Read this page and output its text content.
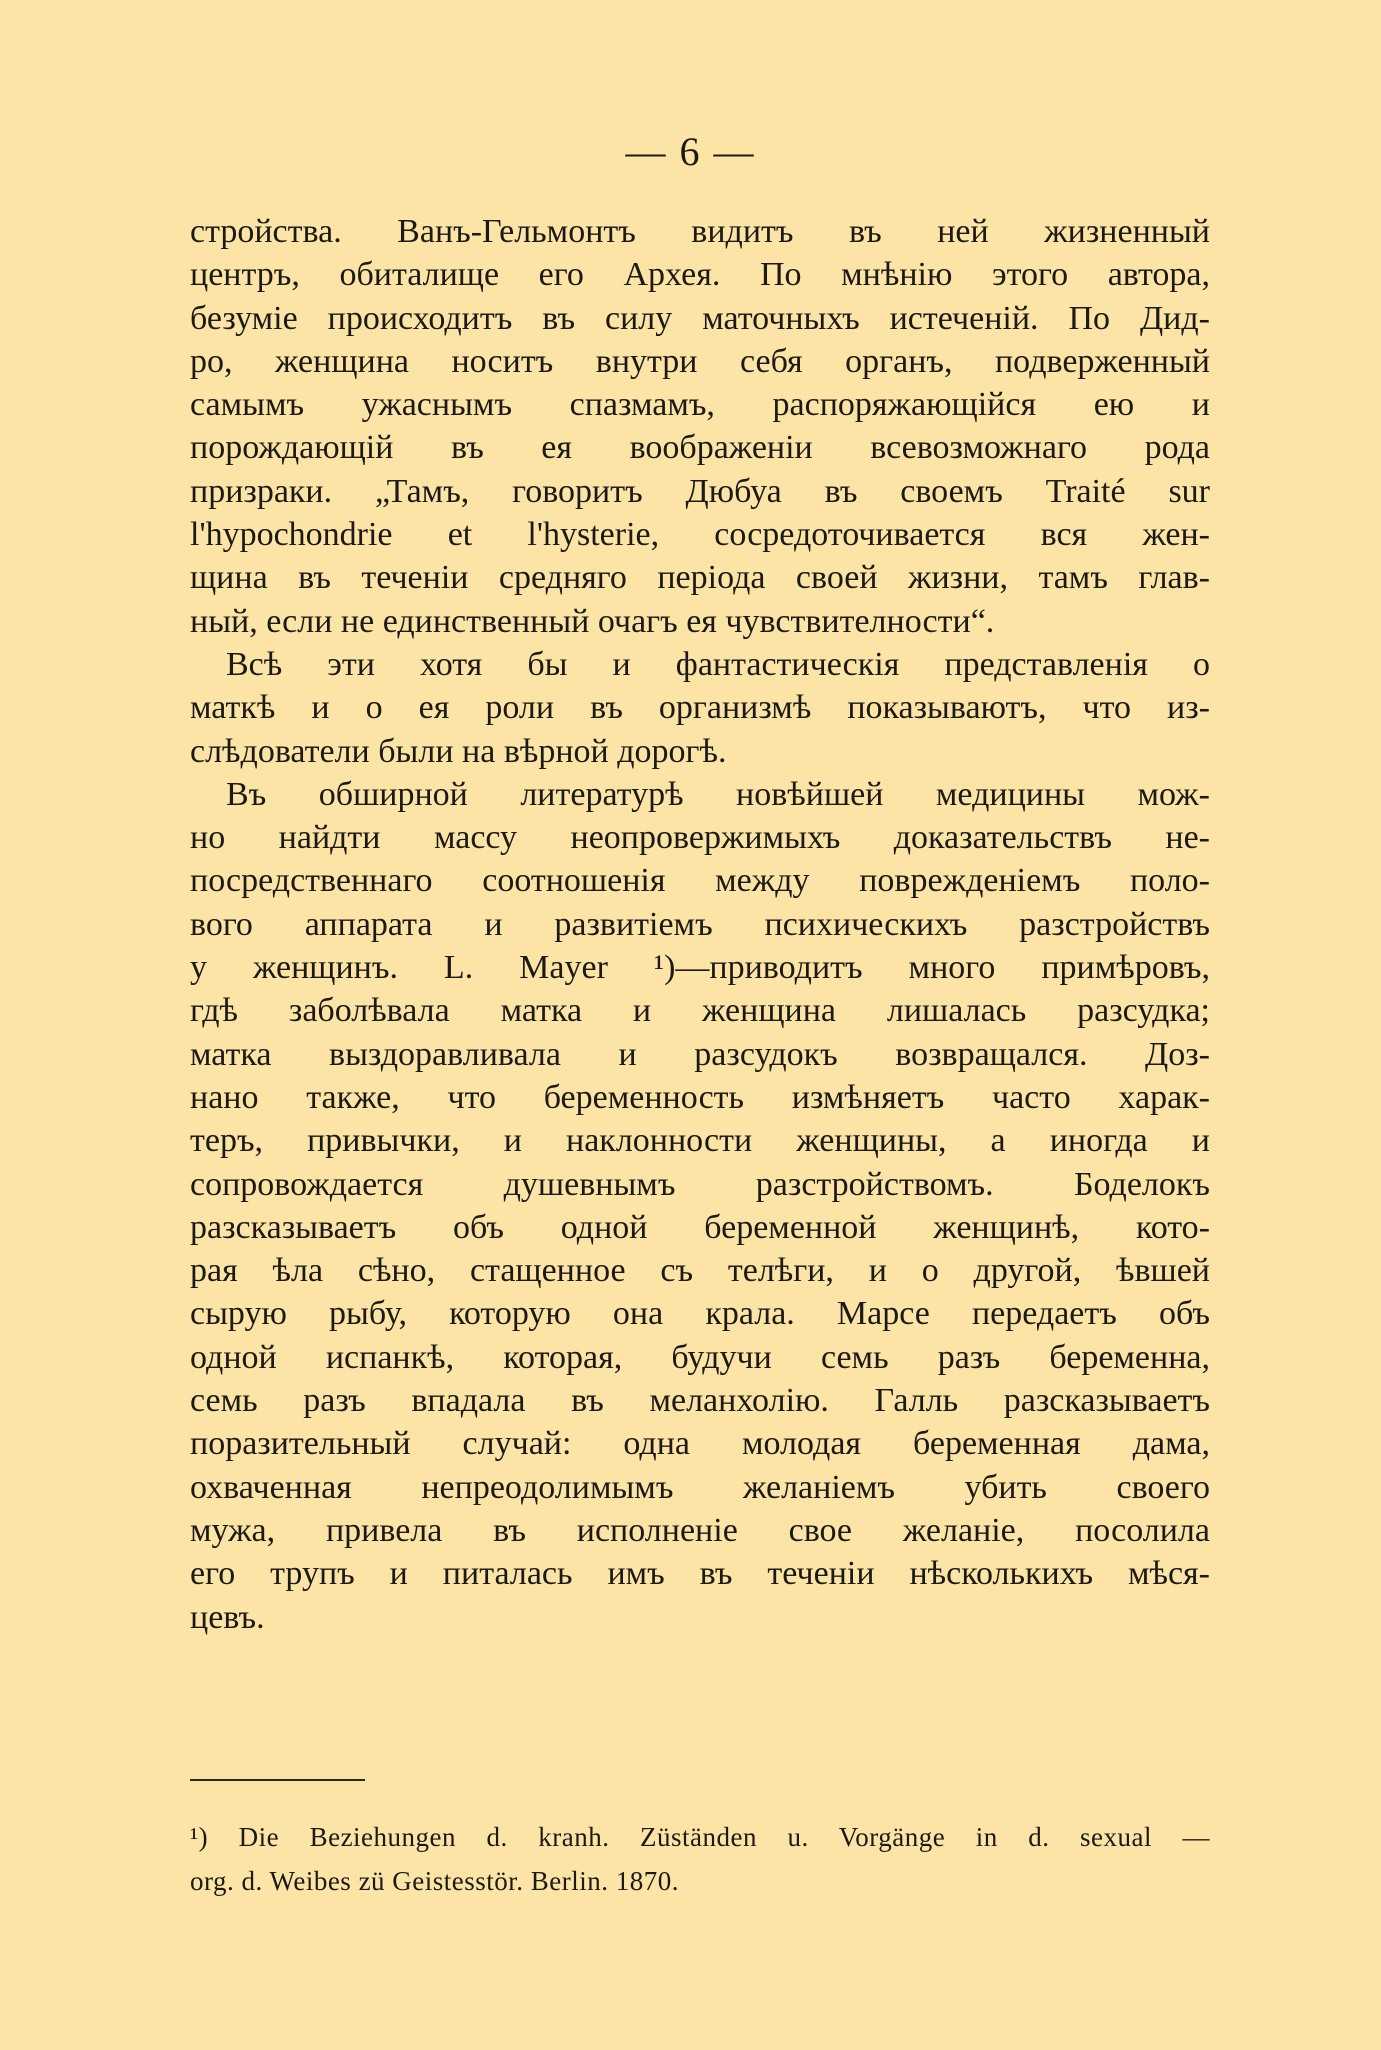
— 6 —
стройства. Ванъ-Гельмонтъ видитъ въ ней жизненный
центръ, обиталище его Архея. По мнѣнію этого автора,
безуміе происходитъ въ силу маточныхъ истеченій. По Дид-
ро, женщина носитъ внутри себя органъ, подверженный
самымъ ужаснымъ спазмамъ, распоряжающійся ею и
порождающій въ ея воображеніи всевозможнаго рода
призраки. „Тамъ, говоритъ Дюбуа въ своемъ Traité sur
l'hypochondrie et l'hysterie, сосредоточивается вся жен-
щина въ теченіи средняго періода своей жизни, тамъ глав-
ный, если не единственный очагъ ея чувствителности“.
Всѣ эти хотя бы и фантастическія представленія о
маткѣ и о ея роли въ организмѣ показываютъ, что из-
слѣдователи были на вѣрной дорогѣ.
Въ обширной литературѣ новѣйшей медицины мож-
но найдти массу неопровержимыхъ доказательствъ не-
посредственнаго соотношенія между поврежденіемъ поло-
вого аппарата и развитіемъ психическихъ разстройствъ
у женщинъ. L. Mayer ¹)—приводитъ много примѣровъ,
гдѣ заболѣвала матка и женщина лишалась разсудка;
матка выздоравливала и разсудокъ возвращался. Доз-
нано также, что беременность измѣняетъ часто харак-
теръ, привычки, и наклонности женщины, а иногда и
сопровождается душевнымъ разстройствомъ. Боделокъ
разсказываетъ объ одной беременной женщинѣ, кото-
рая ѣла сѣно, стащенное съ телѣги, и о другой, ѣвшей
сырую рыбу, которую она крала. Марсе передаетъ объ
одной испанкѣ, которая, будучи семь разъ беременна,
семь разъ впадала въ меланхолію. Галль разсказываетъ
поразительный случай: одна молодая беременная дама,
охваченная непреодолимымъ желаніемъ убить своего
мужа, привела въ исполненіе свое желаніе, посолила
его трупъ и питалась имъ въ теченіи нѣсколькихъ мѣся-
цевъ.
¹) Die Beziehungen d. kranh. Züständen u. Vorgänge in d. sexual —
org. d. Weibes zü Geistesstör. Berlin. 1870.
